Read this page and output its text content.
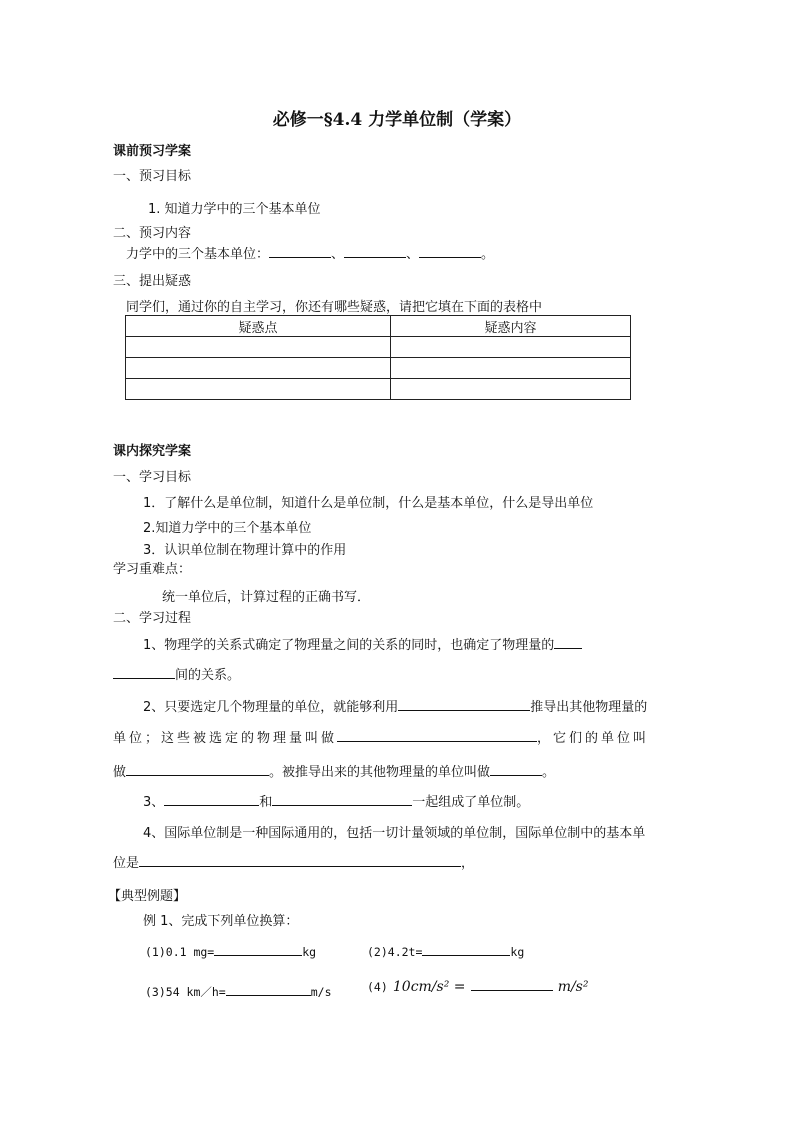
必修一§4.4 力学单位制（学案）
课前预习学案
一、预习目标
1. 知道力学中的三个基本单位
二、预习内容
力学中的三个基本单位：	、	、	。
三、提出疑惑
同学们，通过你的自主学习，你还有哪些疑惑，请把它填在下面的表格中
疑惑点	疑惑内容

课内探究学案
一、学习目标
1．了解什么是单位制，知道什么是单位制，什么是基本单位，什么是导出单位
2.知道力学中的三个基本单位
3．认识单位制在物理计算中的作用
学习重难点：
统一单位后，计算过程的正确书写．
二、学习过程
1、物理学的关系式确定了物理量之间的关系的同时，也确定了物理量的
间的关系。
2、只要选定几个物理量的单位，就能够利用	推导出其他物理量的
单位；这些被选定的物理量叫做	，它们的单位叫
做	。被推导出来的其他物理量的单位叫做	。
3、	和	一起组成了单位制。
4、国际单位制是一种国际通用的，包括一切计量领域的单位制，国际单位制中的基本单
位是	，
【典型例题】
例 1、完成下列单位换算：
(1)0.1 mg=	kg	(2)4.2t=	kg
(3)54 km／h=	m/s	(4) 10cm/s² =	m/s²
